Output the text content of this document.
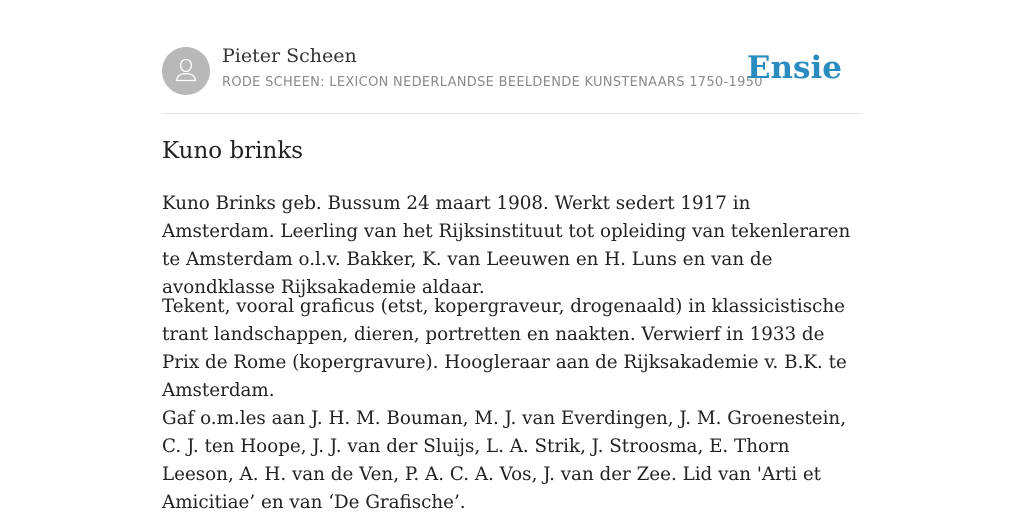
Pieter Scheen
RODE SCHEEN: LEXICON NEDERLANDSE BEELDENDE KUNSTENAARS 1750-1950
Ensie
Kuno brinks

Kuno Brinks geb. Bussum 24 maart 1908. Werkt sedert 1917 in Amsterdam. Leerling van het Rijksinstituut tot opleiding van tekenleraren te Amsterdam o.l.v. Bakker, K. van Leeuwen en H. Luns en van de avondklasse Rijksakademie aldaar.

Tekent, vooral graficus (etst, kopergraveur, drogenaald) in klassicistische trant landschappen, dieren, portretten en naakten. Verwierf in 1933 de Prix de Rome (kopergravure). Hoogleraar aan de Rijksakademie v. B.K. te Amsterdam.

Gaf o.m.les aan J. H. M. Bouman, M. J. van Everdingen, J. M. Groenestein, C. J. ten Hoope, J. J. van der Sluijs, L. A. Strik, J. Stroosma, E. Thorn Leeson, A. H. van de Ven, P. A. C. A. Vos, J. van der Zee. Lid van 'Arti et Amicitiae’ en van ‘De Grafische’.
